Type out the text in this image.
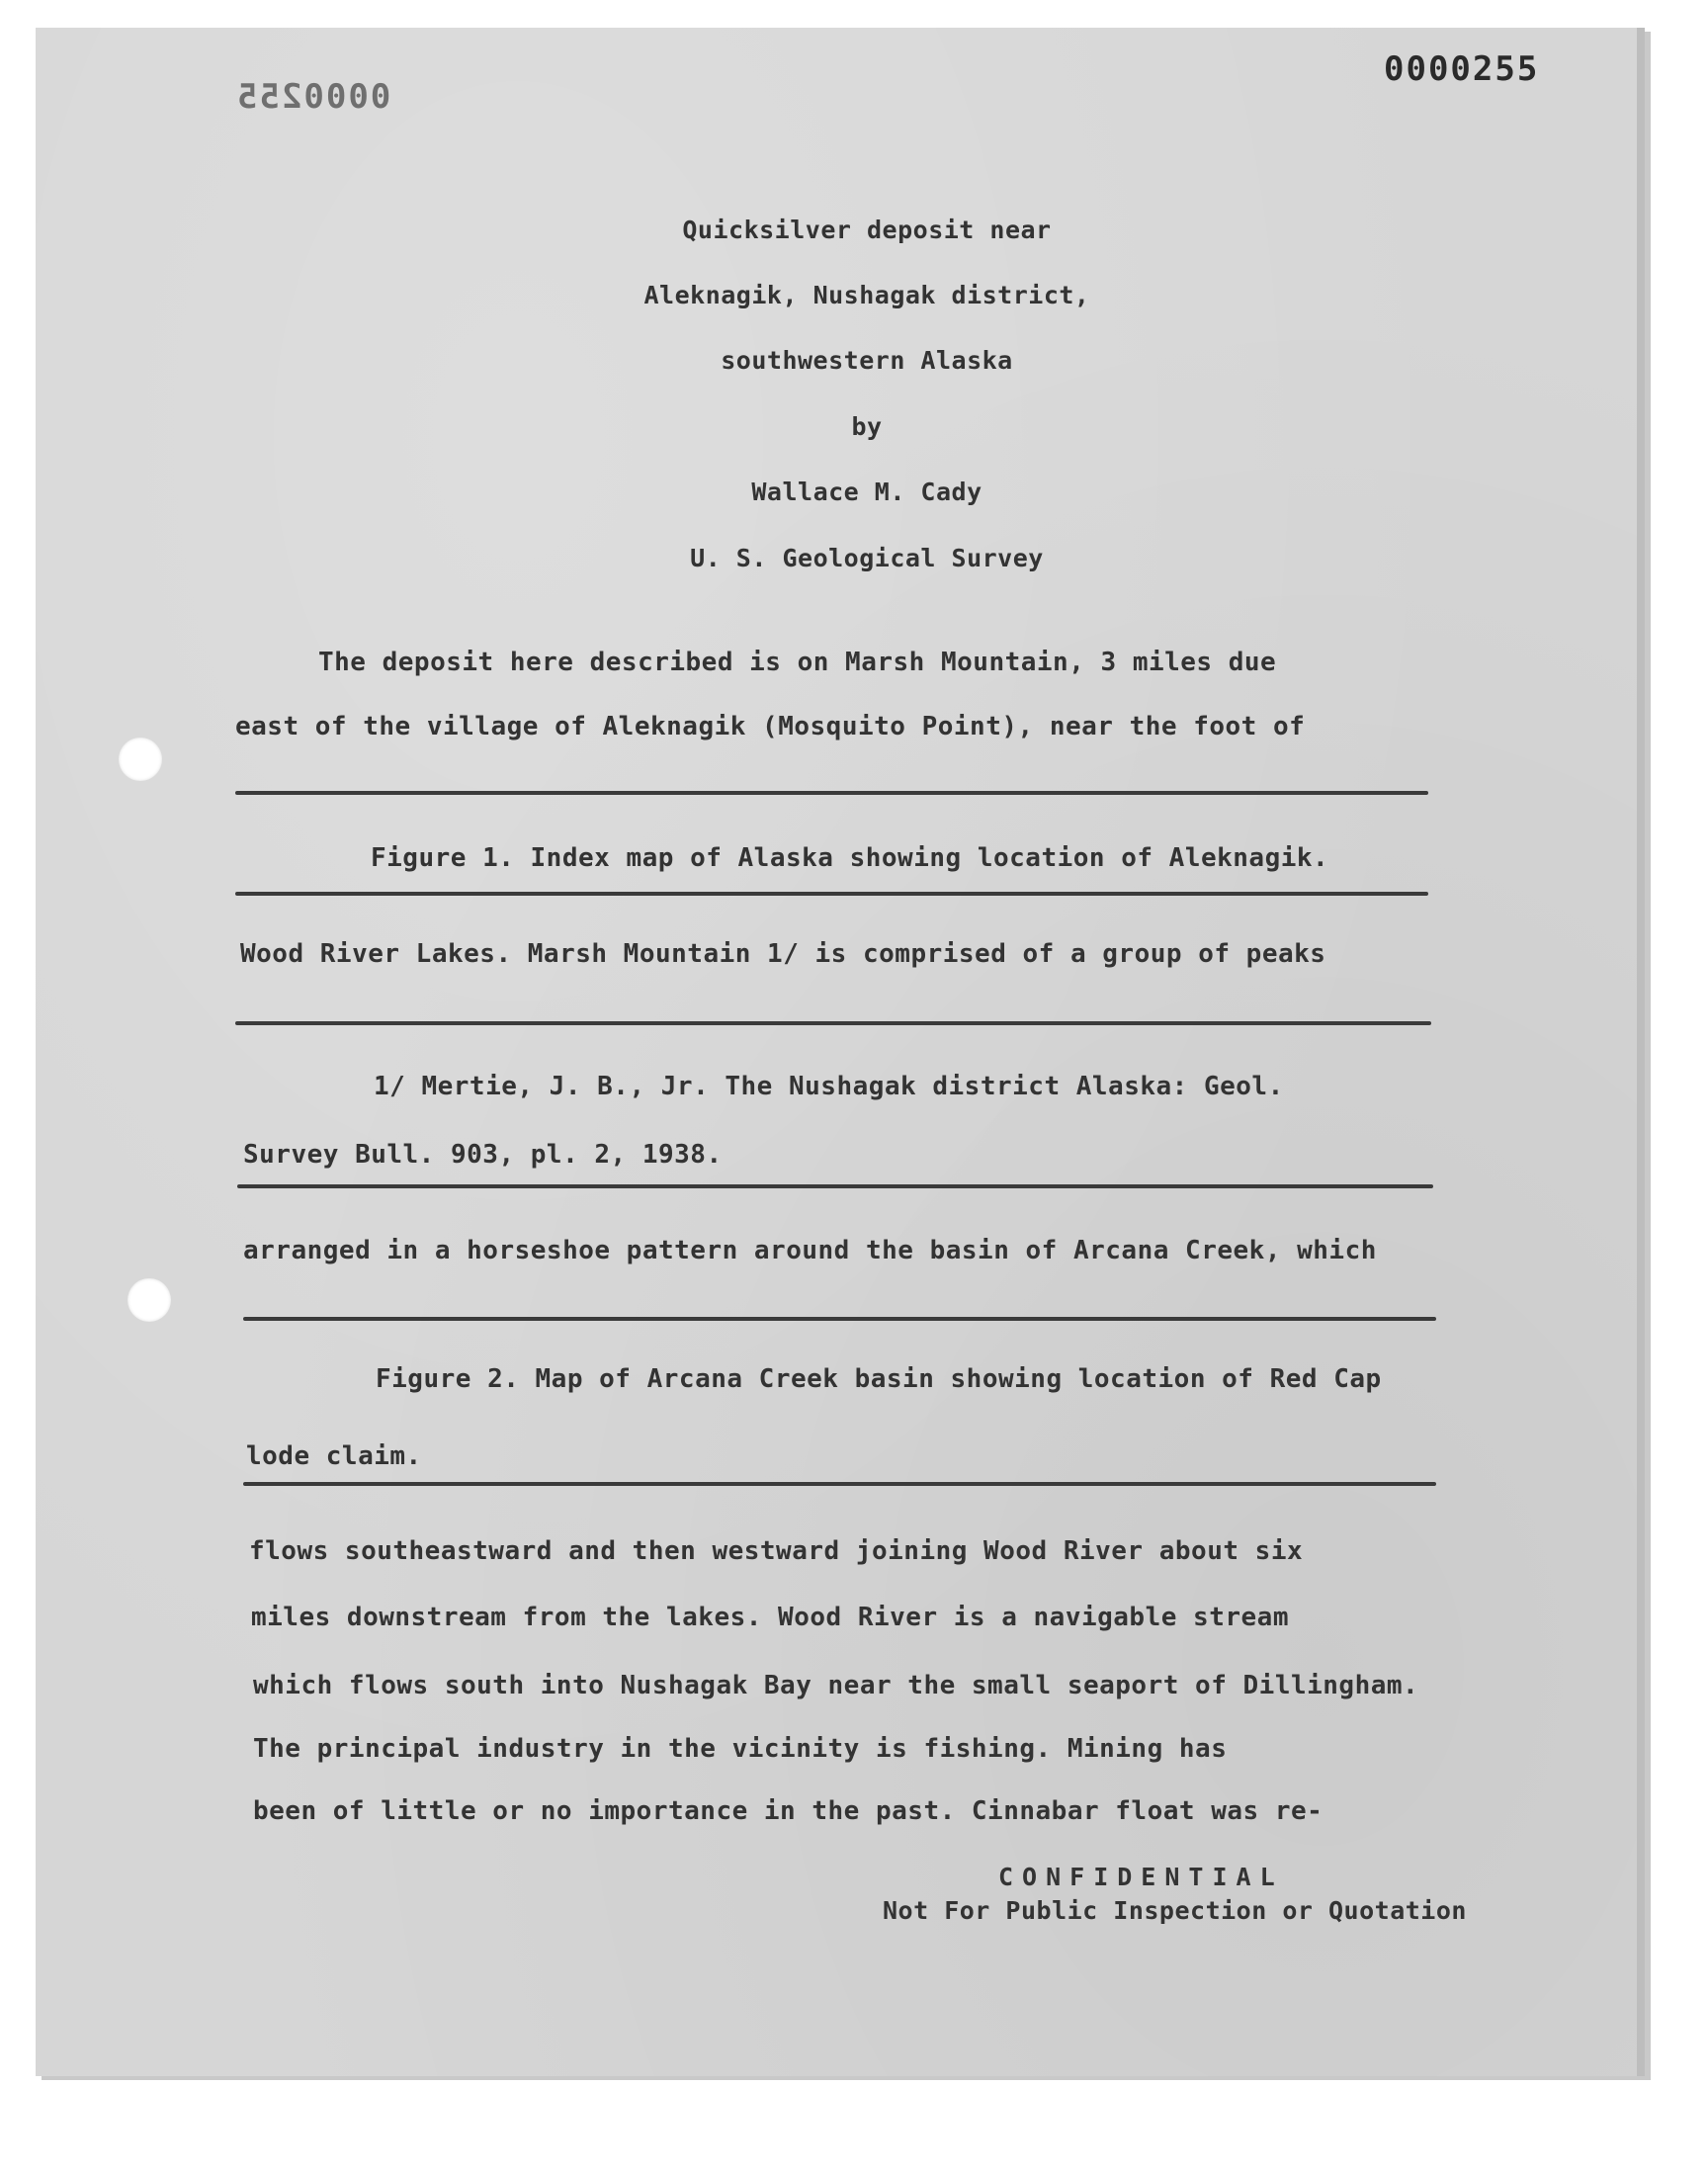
0000255
0000255
Quicksilver deposit near
Aleknagik, Nushagak district,
southwestern Alaska
by
Wallace M. Cady
U. S. Geological Survey
The deposit here described is on Marsh Mountain, 3 miles due
east of the village of Aleknagik (Mosquito Point), near the foot of
Figure 1. Index map of Alaska showing location of Aleknagik.
Wood River Lakes. Marsh Mountain 1/ is comprised of a group of peaks
1/ Mertie, J. B., Jr. The Nushagak district Alaska: Geol.
Survey Bull. 903, pl. 2, 1938.
arranged in a horseshoe pattern around the basin of Arcana Creek, which
Figure 2. Map of Arcana Creek basin showing location of Red Cap
lode claim.
flows southeastward and then westward joining Wood River about six
miles downstream from the lakes. Wood River is a navigable stream
which flows south into Nushagak Bay near the small seaport of Dillingham.
The principal industry in the vicinity is fishing. Mining has
been of little or no importance in the past. Cinnabar float was re-
CONFIDENTIAL
Not For Public Inspection or Quotation
